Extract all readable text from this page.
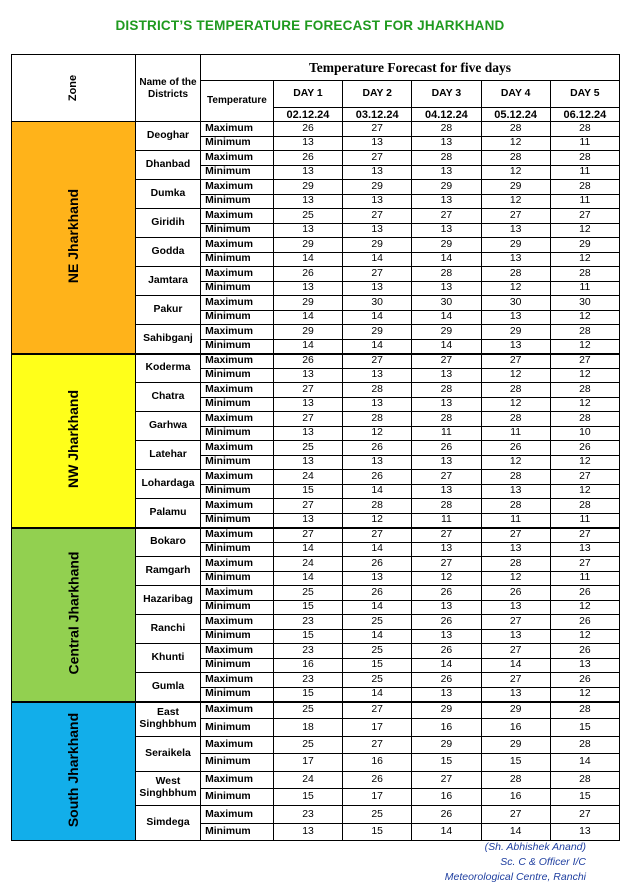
DISTRICT’S TEMPERATURE FORECAST FOR JHARKHAND
Zone	Name of the Districts	Temperature Forecast for five days					
		Temperature	DAY 1	DAY 2	DAY 3	DAY 4	DAY 5
			02.12.24	03.12.24	04.12.24	05.12.24	06.12.24
NE Jharkhand	Deoghar	Maximum	26	27	28	28	28
		Minimum	13	13	13	12	11
	Dhanbad	Maximum	26	27	28	28	28
		Minimum	13	13	13	12	11
	Dumka	Maximum	29	29	29	29	28
		Minimum	13	13	13	12	11
	Giridih	Maximum	25	27	27	27	27
		Minimum	13	13	13	13	12
	Godda	Maximum	29	29	29	29	29
		Minimum	14	14	14	13	12
	Jamtara	Maximum	26	27	28	28	28
		Minimum	13	13	13	12	11
	Pakur	Maximum	29	30	30	30	30
		Minimum	14	14	14	13	12
	Sahibganj	Maximum	29	29	29	29	28
		Minimum	14	14	14	13	12
NW Jharkhand	Koderma	Maximum	26	27	27	27	27
		Minimum	13	13	13	12	12
	Chatra	Maximum	27	28	28	28	28
		Minimum	13	13	13	12	12
	Garhwa	Maximum	27	28	28	28	28
		Minimum	13	12	11	11	10
	Latehar	Maximum	25	26	26	26	26
		Minimum	13	13	13	12	12
	Lohardaga	Maximum	24	26	27	28	27
		Minimum	15	14	13	13	12
	Palamu	Maximum	27	28	28	28	28
		Minimum	13	12	11	11	11
Central Jharkhand	Bokaro	Maximum	27	27	27	27	27
		Minimum	14	14	13	13	13
	Ramgarh	Maximum	24	26	27	28	27
		Minimum	14	13	12	12	11
	Hazaribag	Maximum	25	26	26	26	26
		Minimum	15	14	13	13	12
	Ranchi	Maximum	23	25	26	27	26
		Minimum	15	14	13	13	12
	Khunti	Maximum	23	25	26	27	26
		Minimum	16	15	14	14	13
	Gumla	Maximum	23	25	26	27	26
		Minimum	15	14	13	13	12
South Jharkhand	East Singhbhum	Maximum	25	27	29	29	28
		Minimum	18	17	16	16	15
	Seraikela	Maximum	25	27	29	29	28
		Minimum	17	16	15	15	14
	West Singhbhum	Maximum	24	26	27	28	28
		Minimum	15	17	16	16	15
	Simdega	Maximum	23	25	26	27	27
		Minimum	13	15	14	14	13
(Sh. Abhishek Anand)
Sc. C & Officer I/C
Meteorological Centre, Ranchi
